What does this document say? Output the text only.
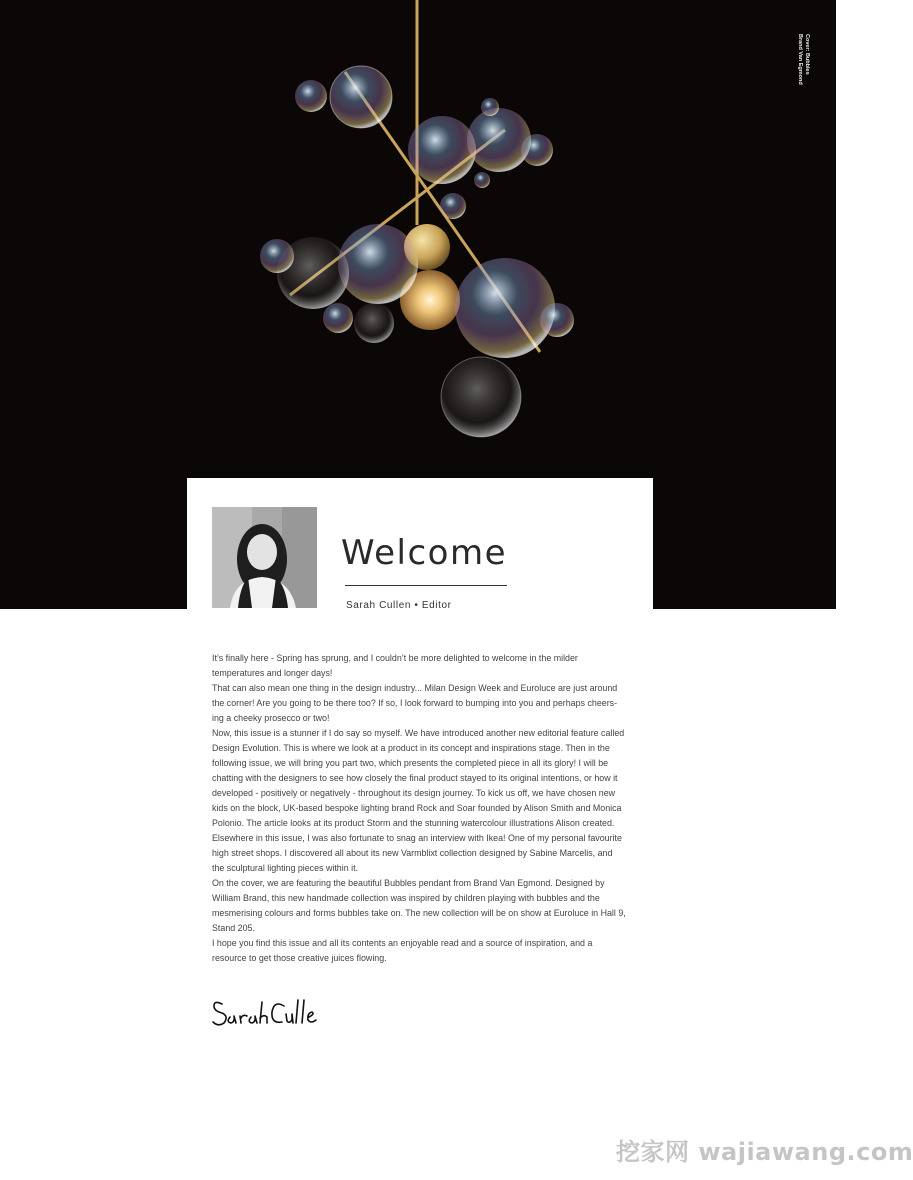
Cover: Bubbles
Brand Van Egmond
Welcome
Sarah Cullen • Editor

It’s finally here - Spring has sprung, and I couldn’t be more delighted to welcome in the milder temperatures and longer days!

That can also mean one thing in the design industry... Milan Design Week and Euroluce are just around the corner! Are you going to be there too? If so, I look forward to bumping into you and perhaps cheers-ing a cheeky prosecco or two!

Now, this issue is a stunner if I do say so myself. We have introduced another new editorial feature called Design Evolution. This is where we look at a product in its concept and inspirations stage. Then in the following issue, we will bring you part two, which presents the completed piece in all its glory! I will be chatting with the designers to see how closely the final product stayed to its original intentions, or how it developed - positively or negatively - throughout its design journey. To kick us off, we have chosen new kids on the block, UK-based bespoke lighting brand Rock and Soar founded by Alison Smith and Monica Polonio. The article looks at its product Storm and the stunning watercolour illustrations Alison created.

Elsewhere in this issue, I was also fortunate to snag an interview with Ikea! One of my personal favourite high street shops. I discovered all about its new Varmblixt collection designed by Sabine Marcelis, and the sculptural lighting pieces within it.

On the cover, we are featuring the beautiful Bubbles pendant from Brand Van Egmond. Designed by William Brand, this new handmade collection was inspired by children playing with bubbles and the mesmerising colours and forms bubbles take on. The new collection will be on show at Euroluce in Hall 9, Stand 205.

I hope you find this issue and all its contents an enjoyable read and a source of inspiration, and a resource to get those creative juices flowing.

挖家网 wajiawang.com
